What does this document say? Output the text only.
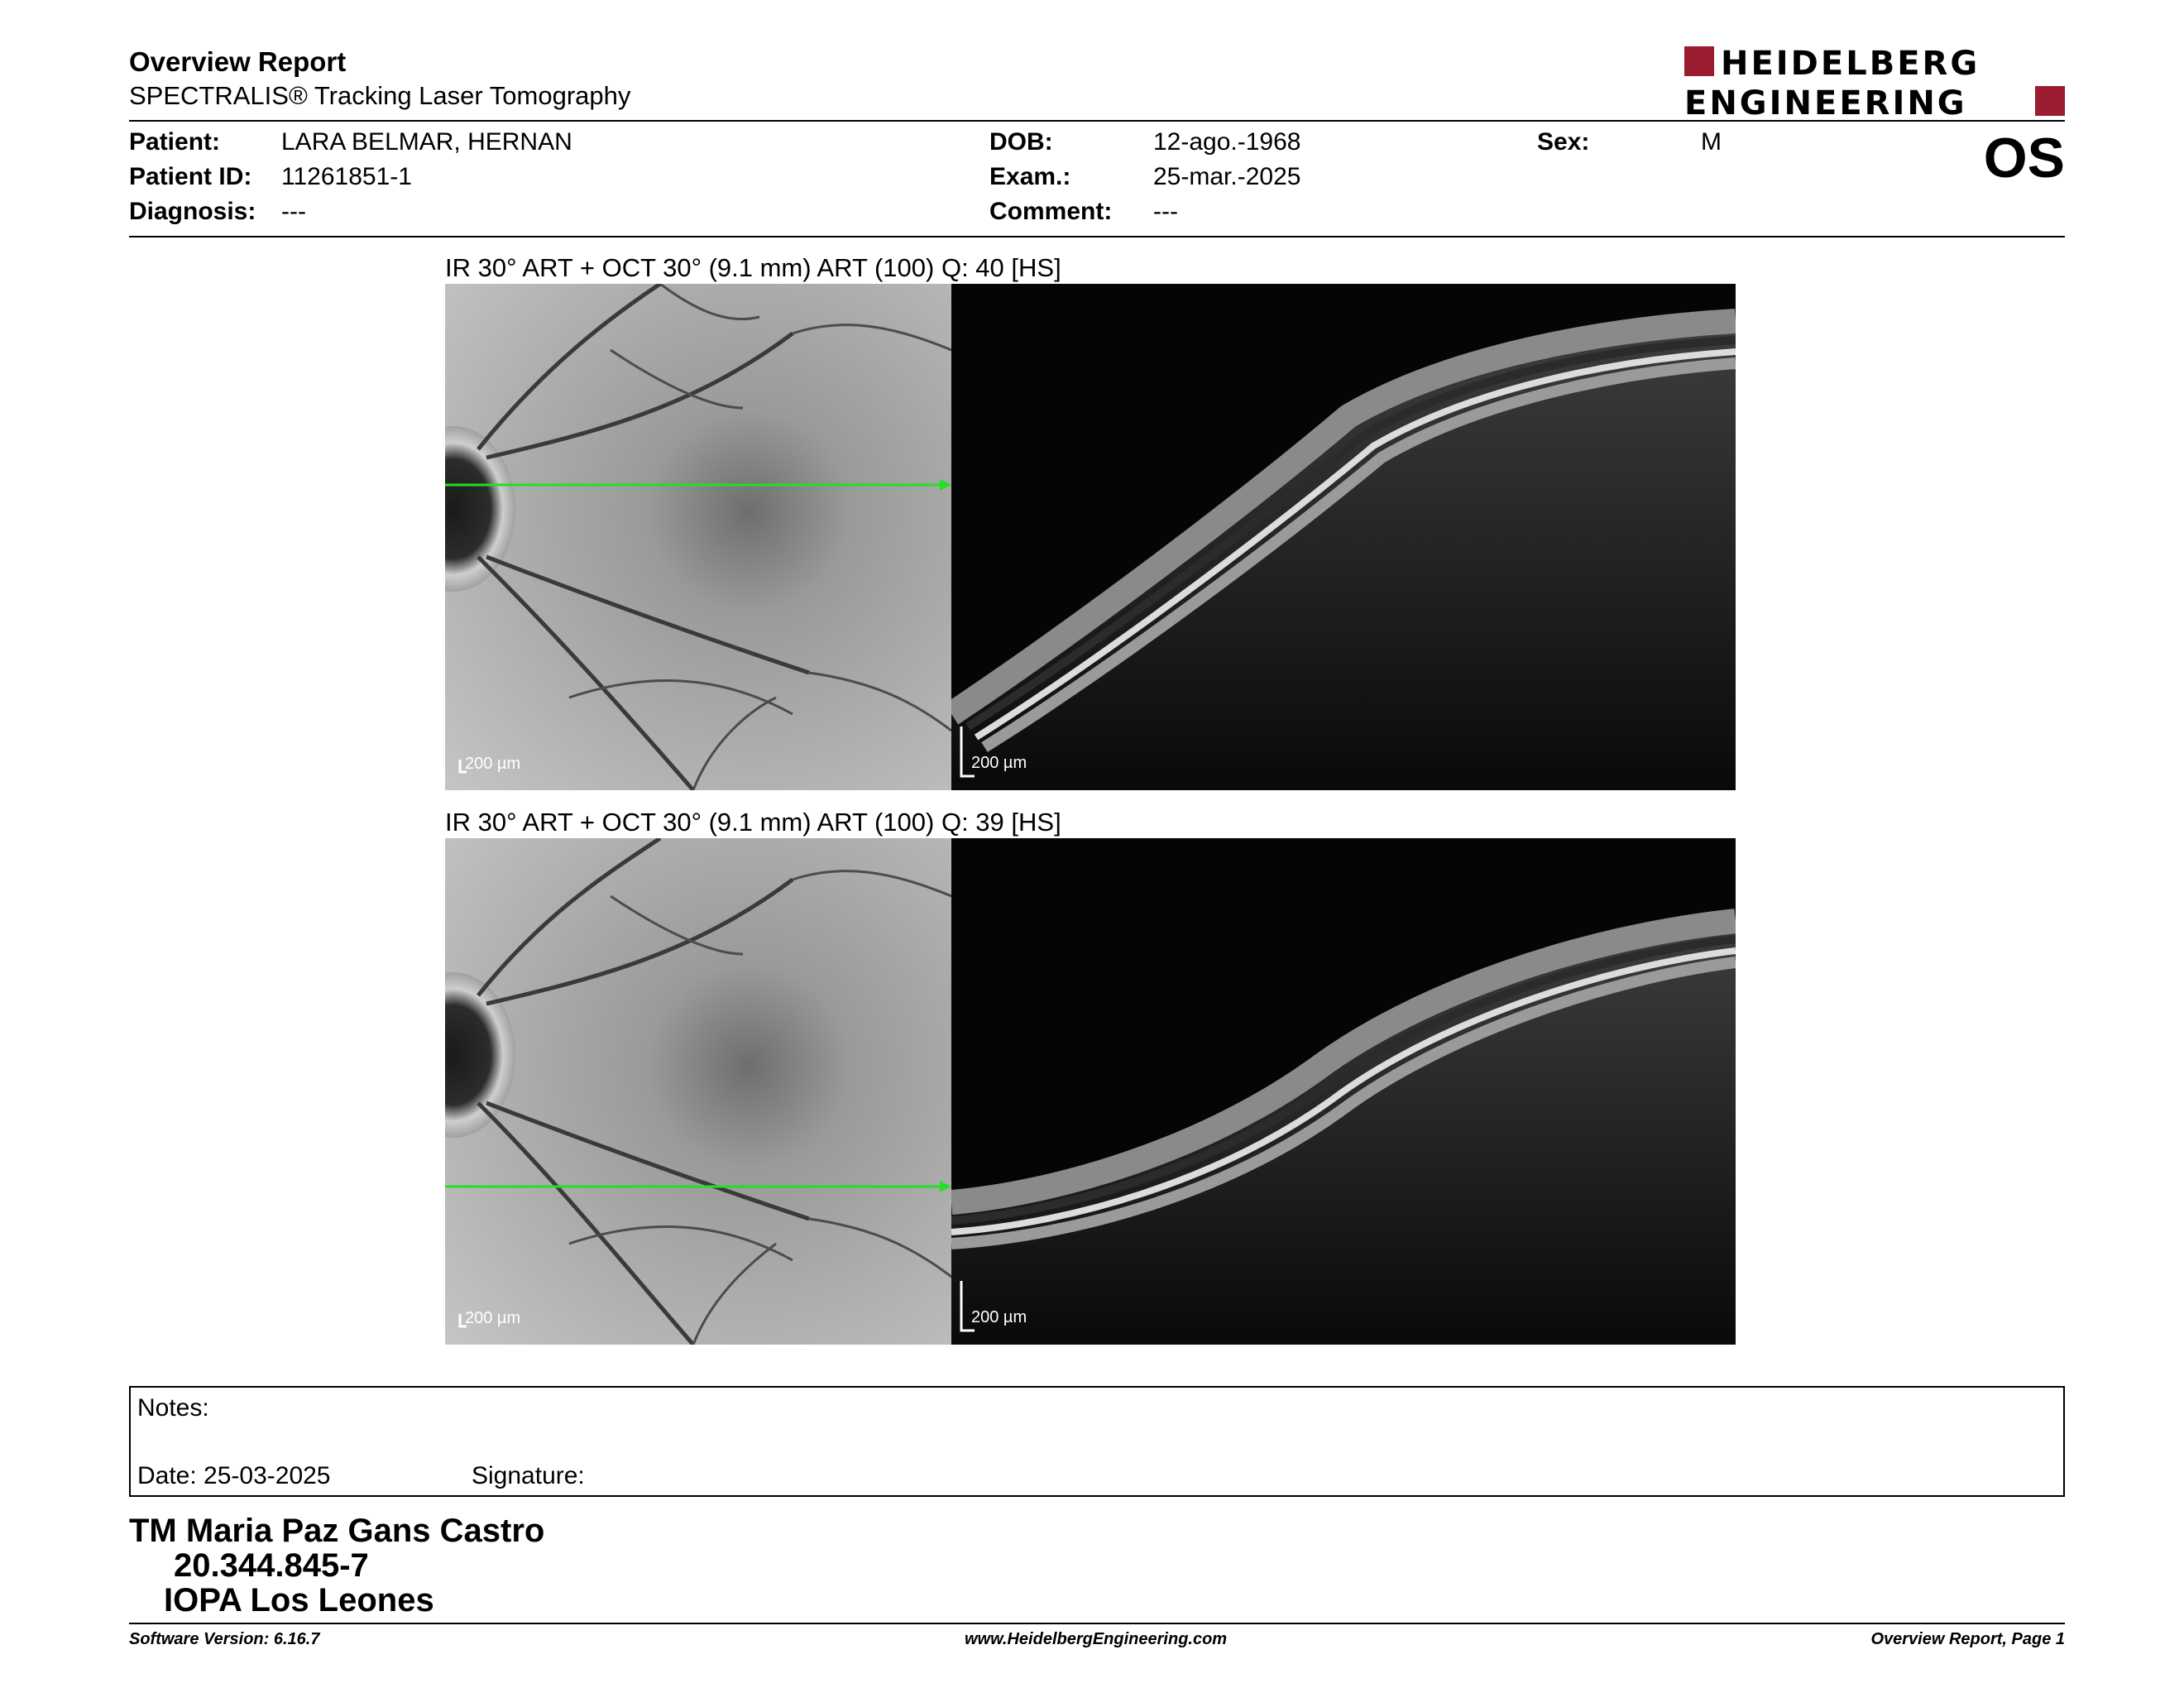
Overview Report
SPECTRALIS® Tracking Laser Tomography
HEIDELBERG
ENGINEERING
Patient: LARA BELMAR, HERNAN
Patient ID: 11261851-1
Diagnosis: ---
DOB:	12-ago.-1968
Exam.:	25-mar.-2025
Comment: ---
Sex:	M	OS
IR 30° ART + OCT 30° (9.1 mm) ART (100) Q: 40 [HS]
200 µm	200 µm
IR 30° ART + OCT 30° (9.1 mm) ART (100) Q: 39 [HS]
200 µm	200 µm
Notes:
Date: 25-03-2025	Signature:
TM Maria Paz Gans Castro
20.344.845-7
IOPA Los Leones
Software Version: 6.16.7	www.HeidelbergEngineering.com	Overview Report, Page 1
